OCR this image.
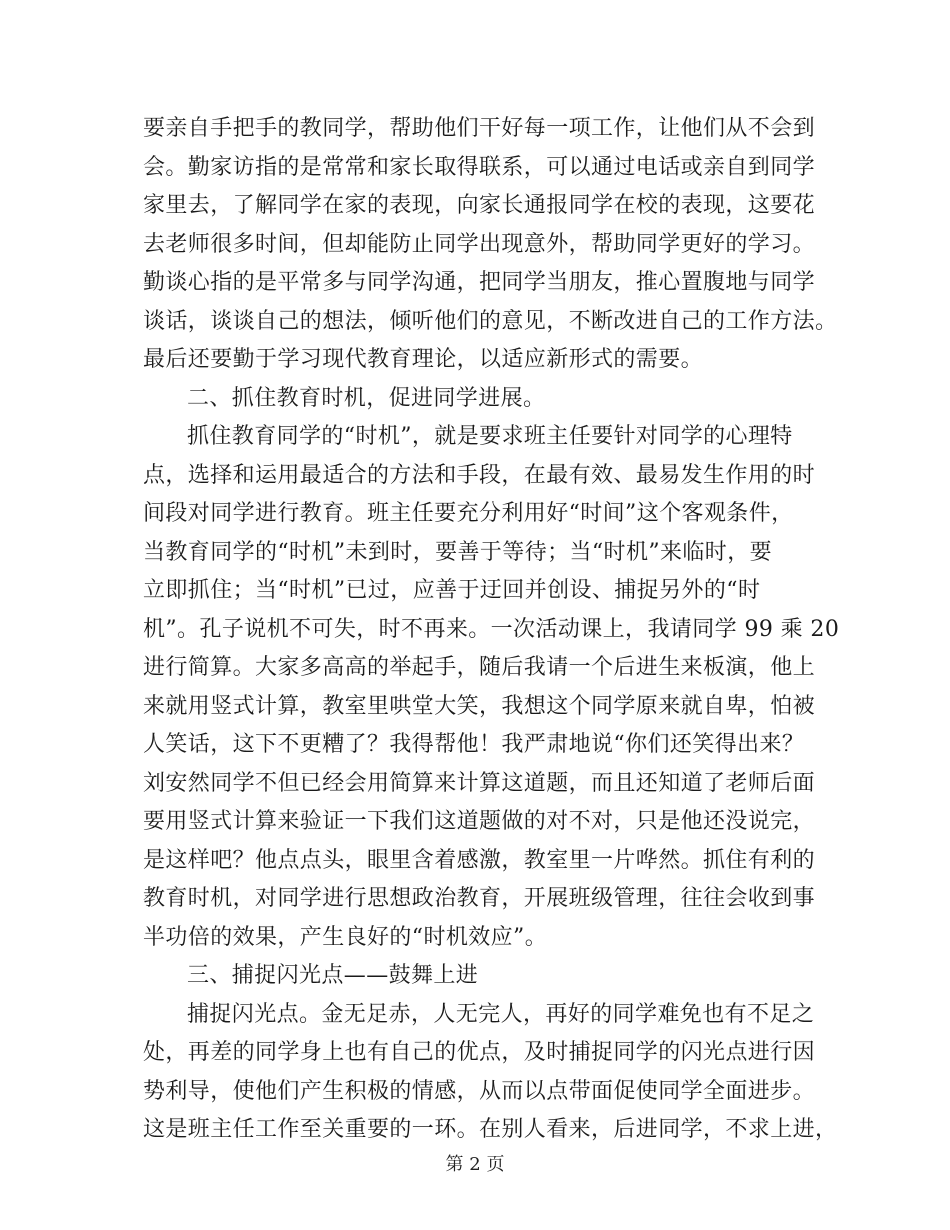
要亲自手把手的教同学，帮助他们干好每一项工作，让他们从不会到
会。勤家访指的是常常和家长取得联系，可以通过电话或亲自到同学
家里去，了解同学在家的表现，向家长通报同学在校的表现，这要花
去老师很多时间，但却能防止同学出现意外，帮助同学更好的学习。
勤谈心指的是平常多与同学沟通，把同学当朋友，推心置腹地与同学
谈话，谈谈自己的想法，倾听他们的意见，不断改进自己的工作方法。
最后还要勤于学习现代教育理论，以适应新形式的需要。
二、抓住教育时机，促进同学进展。
抓住教育同学的“时机”，就是要求班主任要针对同学的心理特
点，选择和运用最适合的方法和手段，在最有效、最易发生作用的时
间段对同学进行教育。班主任要充分利用好“时间”这个客观条件，
当教育同学的“时机”未到时，要善于等待；当“时机”来临时，要
立即抓住；当“时机”已过，应善于迂回并创设、捕捉另外的“时
机”。孔子说机不可失，时不再来。一次活动课上，我请同学 99 乘 20
进行简算。大家多高高的举起手，随后我请一个后进生来板演，他上
来就用竖式计算，教室里哄堂大笑，我想这个同学原来就自卑，怕被
人笑话，这下不更糟了？我得帮他！我严肃地说“你们还笑得出来？
刘安然同学不但已经会用简算来计算这道题，而且还知道了老师后面
要用竖式计算来验证一下我们这道题做的对不对，只是他还没说完，
是这样吧？他点点头，眼里含着感激，教室里一片哗然。抓住有利的
教育时机，对同学进行思想政治教育，开展班级管理，往往会收到事
半功倍的效果，产生良好的“时机效应”。
三、捕捉闪光点——鼓舞上进
捕捉闪光点。金无足赤，人无完人，再好的同学难免也有不足之
处，再差的同学身上也有自己的优点，及时捕捉同学的闪光点进行因
势利导，使他们产生积极的情感，从而以点带面促使同学全面进步。
这是班主任工作至关重要的一环。在别人看来，后进同学，不求上进，
第 2 页
